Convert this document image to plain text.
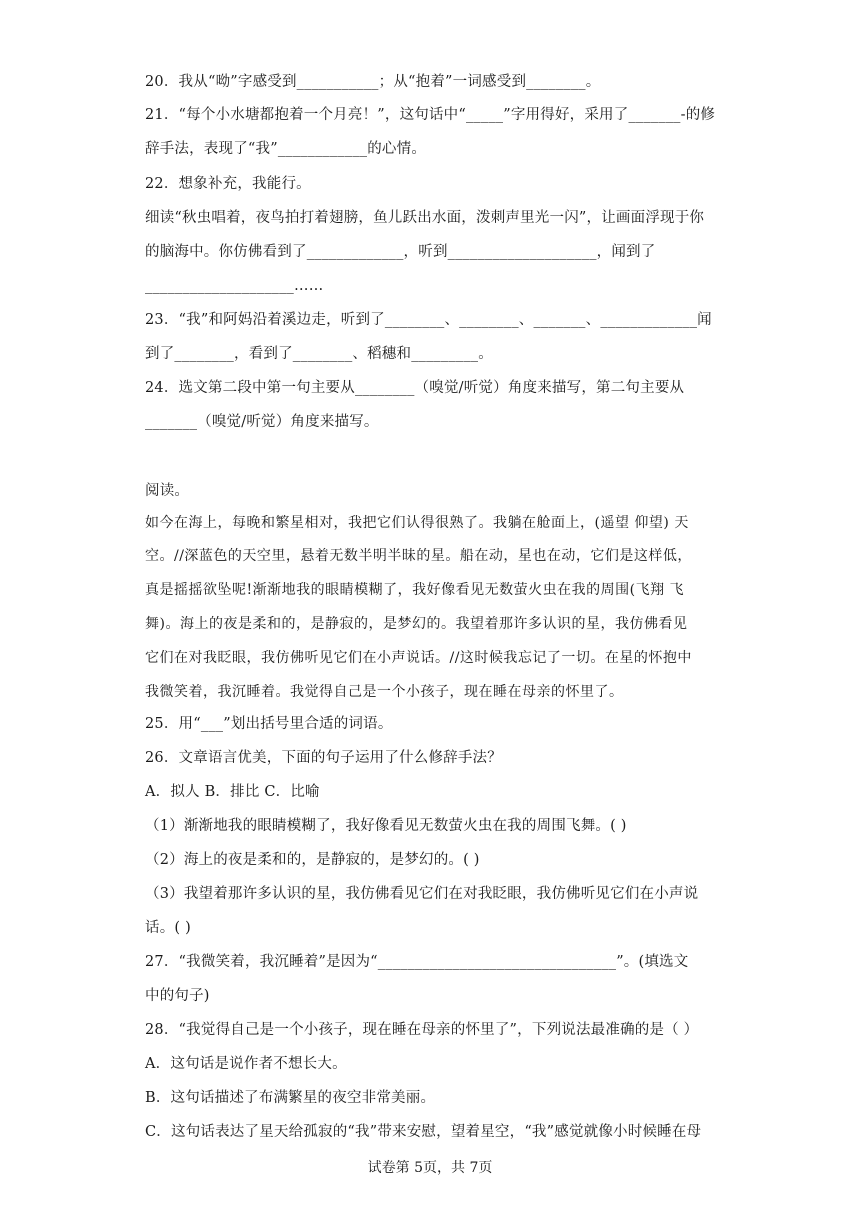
20．我从“呦”字感受到___________；从“抱着”一词感受到________。
21．“每个小水塘都抱着一个月亮！”，这句话中“_____”字用得好，采用了_______-的修
辞手法，表现了“我”____________的心情。
22．想象补充，我能行。
细读“秋虫唱着，夜鸟拍打着翅膀，鱼儿跃出水面，泼刺声里光一闪”，让画面浮现于你
的脑海中。你仿佛看到了_____________，听到____________________，闻到了
____________________……
23．“我”和阿妈沿着溪边走，听到了________、________、_______、_____________闻
到了________，看到了________、稻穗和_________。
24．选文第二段中第一句主要从________（嗅觉/听觉）角度来描写，第二句主要从
_______（嗅觉/听觉）角度来描写。
阅读。
如今在海上，每晚和繁星相对，我把它们认得很熟了。我躺在舱面上，(遥望 仰望) 天
空。//深蓝色的天空里，悬着无数半明半昧的星。船在动，星也在动，它们是这样低，
真是摇摇欲坠呢!渐渐地我的眼睛模糊了，我好像看见无数萤火虫在我的周围(飞翔 飞
舞)。海上的夜是柔和的，是静寂的，是梦幻的。我望着那许多认识的星，我仿佛看见
它们在对我眨眼，我仿佛听见它们在小声说话。//这时候我忘记了一切。在星的怀抱中
我微笑着，我沉睡着。我觉得自己是一个小孩子，现在睡在母亲的怀里了。
25．用“___”划出括号里合适的词语。
26．文章语言优美，下面的句子运用了什么修辞手法？
A．拟人 B．排比 C．比喻
（1）渐渐地我的眼睛模糊了，我好像看见无数萤火虫在我的周围飞舞。( )
（2）海上的夜是柔和的，是静寂的，是梦幻的。( )
（3）我望着那许多认识的星，我仿佛看见它们在对我眨眼，我仿佛听见它们在小声说
话。( )
27．“我微笑着，我沉睡着”是因为“________________________________”。(填选文
中的句子)
28．“我觉得自己是一个小孩子，现在睡在母亲的怀里了”，下列说法最准确的是（ ）
A．这句话是说作者不想长大。
B．这句话描述了布满繁星的夜空非常美丽。
C．这句话表达了星天给孤寂的“我”带来安慰，望着星空，“我”感觉就像小时候睡在母
试卷第 5页，共 7页
